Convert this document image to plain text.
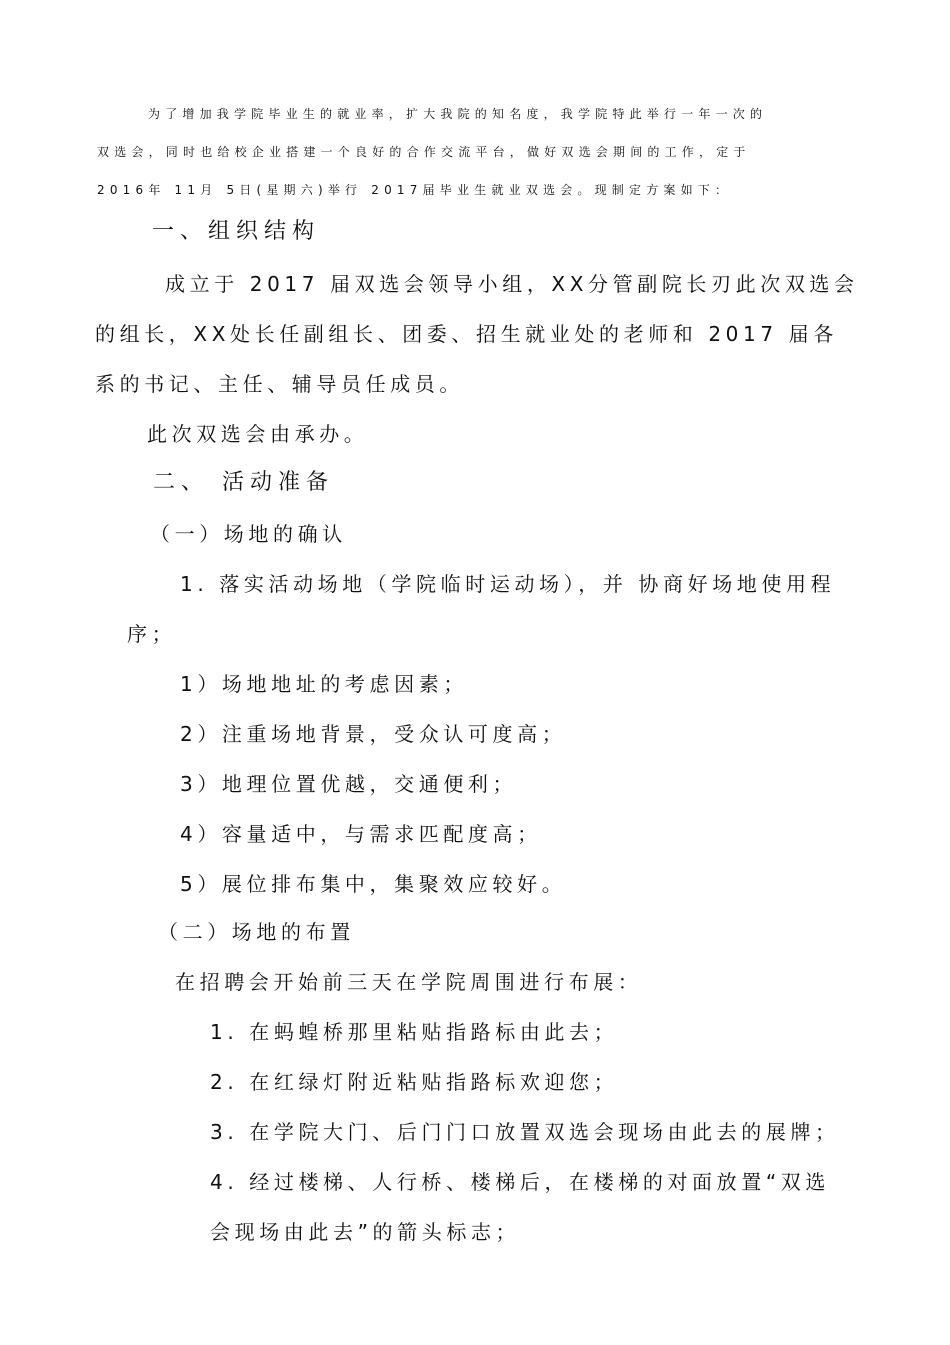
为了增加我学院毕业生的就业率，扩大我院的知名度，我学院特此举行一年一次的
双选会，同时也给校企业搭建一个良好的合作交流平台，做好双选会期间的工作，定于
2016年 11月 5日(星期六)举行 2017届毕业生就业双选会。现制定方案如下：
一、组织结构
成立于 2017 届双选会领导小组，XX分管副院长刃此次双选会
的组长，XX处长任副组长、团委、招生就业处的老师和 2017 届各
系的书记、主任、辅导员任成员。
此次双选会由承办。
二、 活动准备
（一）场地的确认
1. 落实活动场地（学院临时运动场），并 协商好场地使用程
序；
1）场地地址的考虑因素；
2）注重场地背景，受众认可度高；
3）地理位置优越，交通便利；
4）容量适中，与需求匹配度高；
5）展位排布集中，集聚效应较好。
（二）场地的布置
在招聘会开始前三天在学院周围进行布展：
1. 在蚂蝗桥那里粘贴指路标由此去；
2. 在红绿灯附近粘贴指路标欢迎您；
3. 在学院大门、后门门口放置双选会现场由此去的展牌；
4. 经过楼梯、人行桥、楼梯后，在楼梯的对面放置“双选
会现场由此去”的箭头标志；
